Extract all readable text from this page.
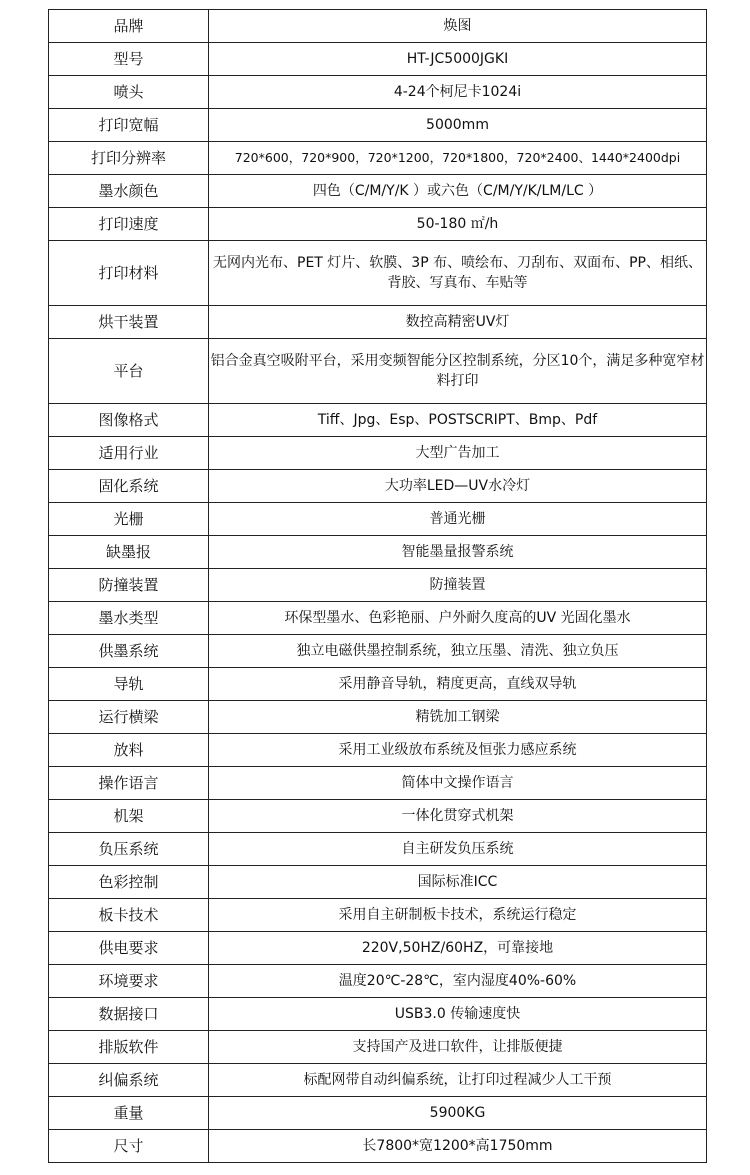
品牌	焕图
型号	HT-JC5000JGKI
喷头	4-24个柯尼卡1024i
打印宽幅	5000mm
打印分辨率	720*600，720*900，720*1200，720*1800，720*2400、1440*2400dpi
墨水颜色	四色（C/M/Y/K ）或六色（C/M/Y/K/LM/LC ）
打印速度	50-180 ㎡/h
打印材料	无网内光布、PET 灯片、软膜、3P 布、喷绘布、刀刮布、双面布、PP、相纸、背胶、写真布、车贴等
烘干装置	数控高精密UV灯
平台	铝合金真空吸附平台，采用变频智能分区控制系统，分区10个，满足多种宽窄材料打印
图像格式	Tiff、Jpg、Esp、POSTSCRIPT、Bmp、Pdf
适用行业	大型广告加工
固化系统	大功率LED—UV水冷灯
光栅	普通光栅
缺墨报	智能墨量报警系统
防撞装置	防撞装置
墨水类型	环保型墨水、色彩艳丽、户外耐久度高的UV 光固化墨水
供墨系统	独立电磁供墨控制系统，独立压墨、清洗、独立负压
导轨	采用静音导轨，精度更高，直线双导轨
运行横梁	精铣加工钢梁
放料	采用工业级放布系统及恒张力感应系统
操作语言	简体中文操作语言
机架	一体化贯穿式机架
负压系统	自主研发负压系统
色彩控制	国际标准ICC
板卡技术	采用自主研制板卡技术，系统运行稳定
供电要求	220V,50HZ/60HZ，可靠接地
环境要求	温度20℃-28℃，室内湿度40%-60%
数据接口	USB3.0 传输速度快
排版软件	支持国产及进口软件，让排版便捷
纠偏系统	标配网带自动纠偏系统，让打印过程减少人工干预
重量	5900KG
尺寸	长7800*宽1200*高1750mm
